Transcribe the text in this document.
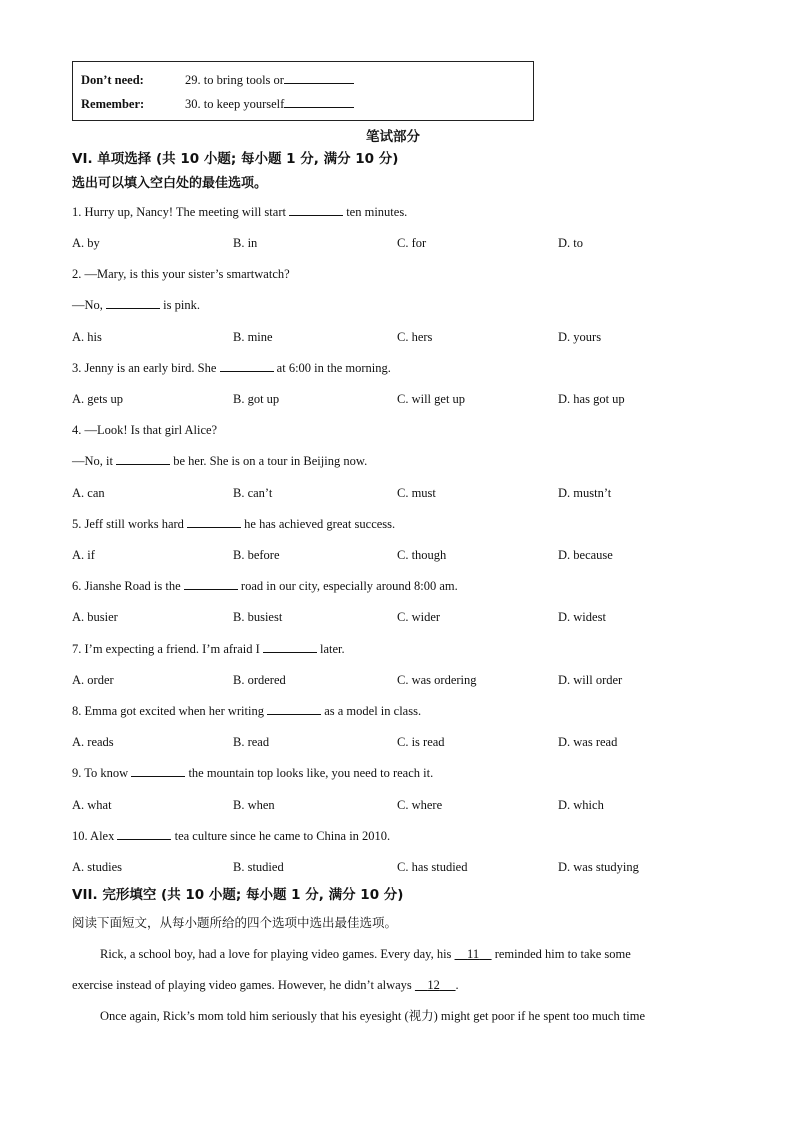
Don’t need:	29. to bring tools or
Remember:	30. to keep yourself
笔试部分
VI. 单项选择 (共 10 小题; 每小题 1 分, 满分 10 分)
选出可以填入空白处的最佳选项。
1. Hurry up, Nancy! The meeting will start	ten minutes.
A. by	B. in	C. for	D. to
2. —Mary, is this your sister’s smartwatch?
—No,	is pink.
A. his	B. mine	C. hers	D. yours
3. Jenny is an early bird. She	at 6:00 in the morning.
A. gets up	B. got up	C. will get up	D. has got up
4. —Look! Is that girl Alice?
—No, it	be her. She is on a tour in Beijing now.
A. can	B. can’t	C. must	D. mustn’t
5. Jeff still works hard	he has achieved great success.
A. if	B. before	C. though	D. because
6. Jianshe Road is the	road in our city, especially around 8:00 am.
A. busier	B. busiest	C. wider	D. widest
7. I’m expecting a friend. I’m afraid I	later.
A. order	B. ordered	C. was ordering	D. will order
8. Emma got excited when her writing	as a model in class.
A. reads	B. read	C. is read	D. was read
9. To know	the mountain top looks like, you need to reach it.
A. what	B. when	C. where	D. which
10. Alex	tea culture since he came to China in 2010.
A. studies	B. studied	C. has studied	D. was studying
VII. 完形填空 (共 10 小题; 每小题 1 分, 满分 10 分)
阅读下面短文，从每小题所给的四个选项中选出最佳选项。
Rick, a school boy, had a love for playing video games. Every day, his     11     reminded him to take some
exercise instead of playing video games. However, he didn’t always     12 .
Once again, Rick’s mom told him seriously that his eyesight (视力) might get poor if he spent too much time
